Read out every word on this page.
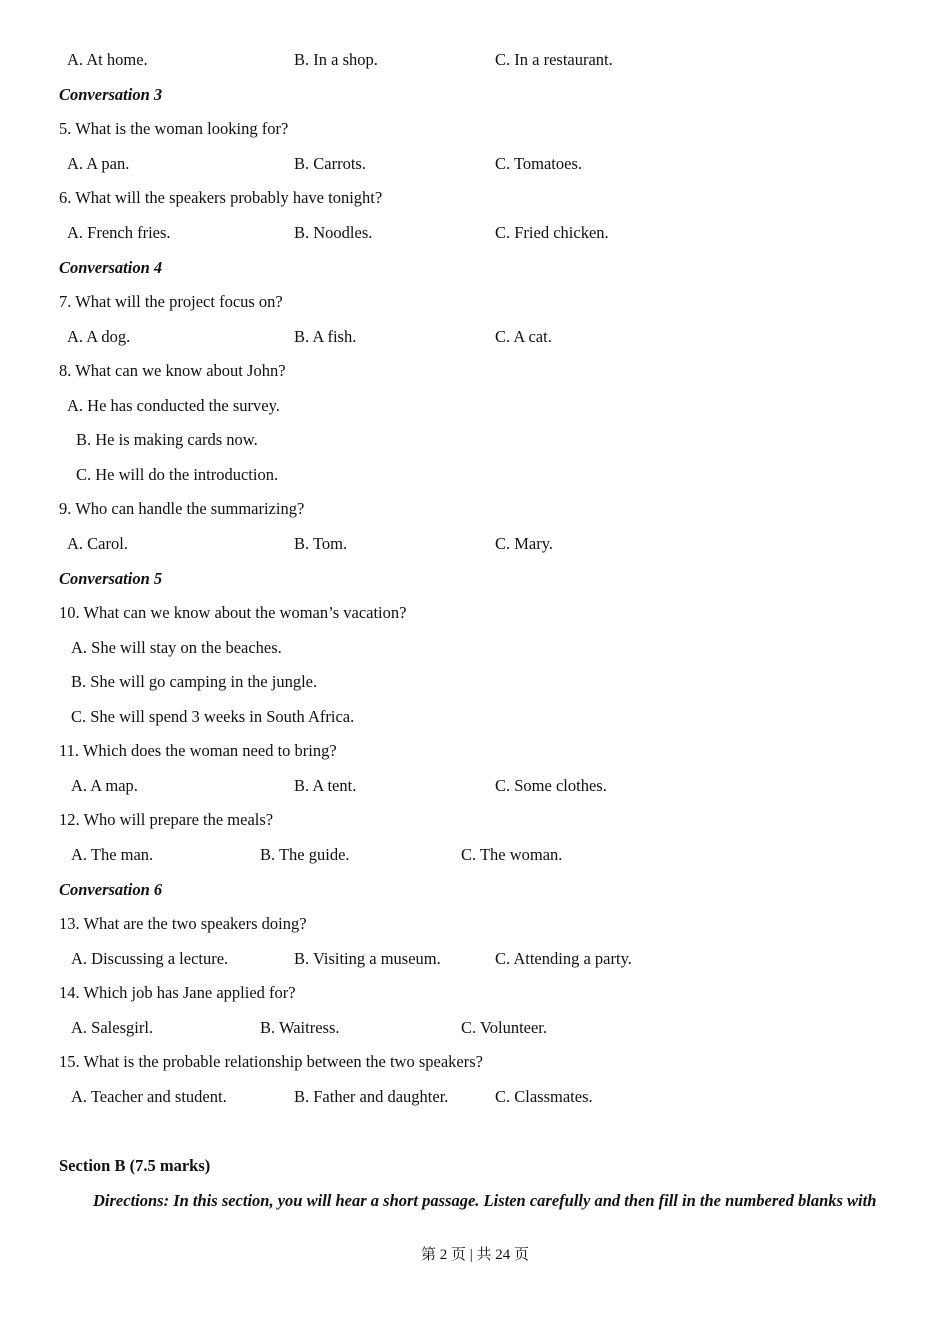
A. At home.	B. In a shop.	C. In a restaurant.
Conversation 3
5. What is the woman looking for?
A. A pan.	B. Carrots.	C. Tomatoes.
6. What will the speakers probably have tonight?
A. French fries.	B. Noodles.	C. Fried chicken.
Conversation 4
7. What will the project focus on?
A. A dog.	B. A fish.	C. A cat.
8. What can we know about John?
A. He has conducted the survey.
B. He is making cards now.
C. He will do the introduction.
9. Who can handle the summarizing?
A. Carol.	B. Tom.	C. Mary.
Conversation 5
10. What can we know about the woman’s vacation?
A. She will stay on the beaches.
B. She will go camping in the jungle.
C. She will spend 3 weeks in South Africa.
11. Which does the woman need to bring?
A. A map.	B. A tent.	C. Some clothes.
12. Who will prepare the meals?
A. The man.	B. The guide.	C. The woman.
Conversation 6
13. What are the two speakers doing?
A. Discussing a lecture.	B. Visiting a museum.	C. Attending a party.
14. Which job has Jane applied for?
A. Salesgirl.	B. Waitress.	C. Volunteer.
15. What is the probable relationship between the two speakers?
A. Teacher and student.	B. Father and daughter.	C. Classmates.
Section B (7.5 marks)
Directions: In this section, you will hear a short passage. Listen carefully and then fill in the numbered blanks with
第 2 页 | 共 24 页
